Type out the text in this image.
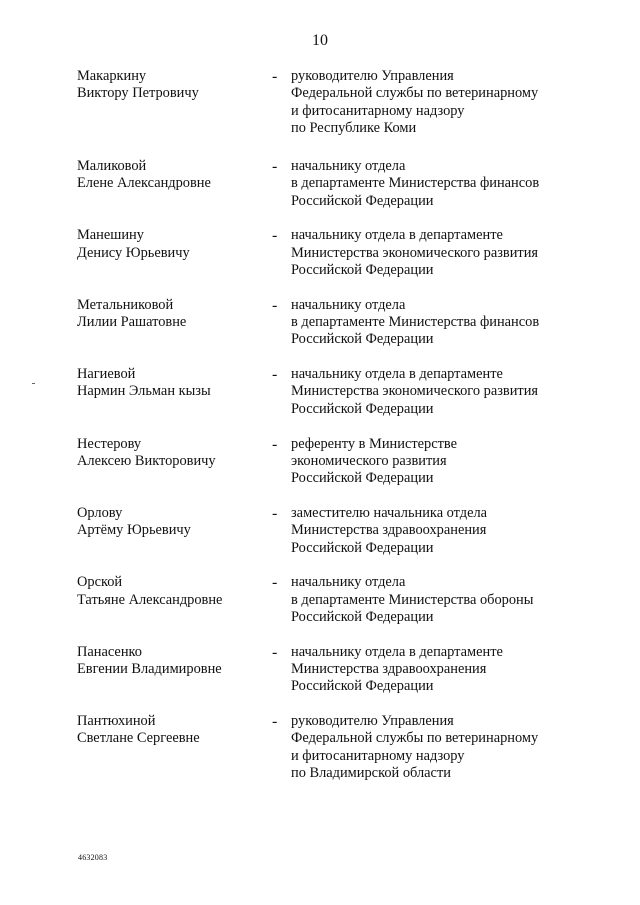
10
Макаркину
Виктору Петровичу
- руководителю Управления
Федеральной службы по ветеринарному
и фитосанитарному надзору
по Республике Коми
Маликовой
Елене Александровне
- начальнику отдела
в департаменте Министерства финансов
Российской Федерации
Манешину
Денису Юрьевичу
- начальнику отдела в департаменте
Министерства экономического развития
Российской Федерации
Метальниковой
Лилии Рашатовне
- начальнику отдела
в департаменте Министерства финансов
Российской Федерации
Нагиевой
Нармин Эльман кызы
- начальнику отдела в департаменте
Министерства экономического развития
Российской Федерации
Нестерову
Алексею Викторовичу
- референту в Министерстве
экономического развития
Российской Федерации
Орлову
Артёму Юрьевичу
- заместителю начальника отдела
Министерства здравоохранения
Российской Федерации
Орской
Татьяне Александровне
- начальнику отдела
в департаменте Министерства обороны
Российской Федерации
Панасенко
Евгении Владимировне
- начальнику отдела в департаменте
Министерства здравоохранения
Российской Федерации
Пантюхиной
Светлане Сергеевне
- руководителю Управления
Федеральной службы по ветеринарному
и фитосанитарному надзору
по Владимирской области
4632083
